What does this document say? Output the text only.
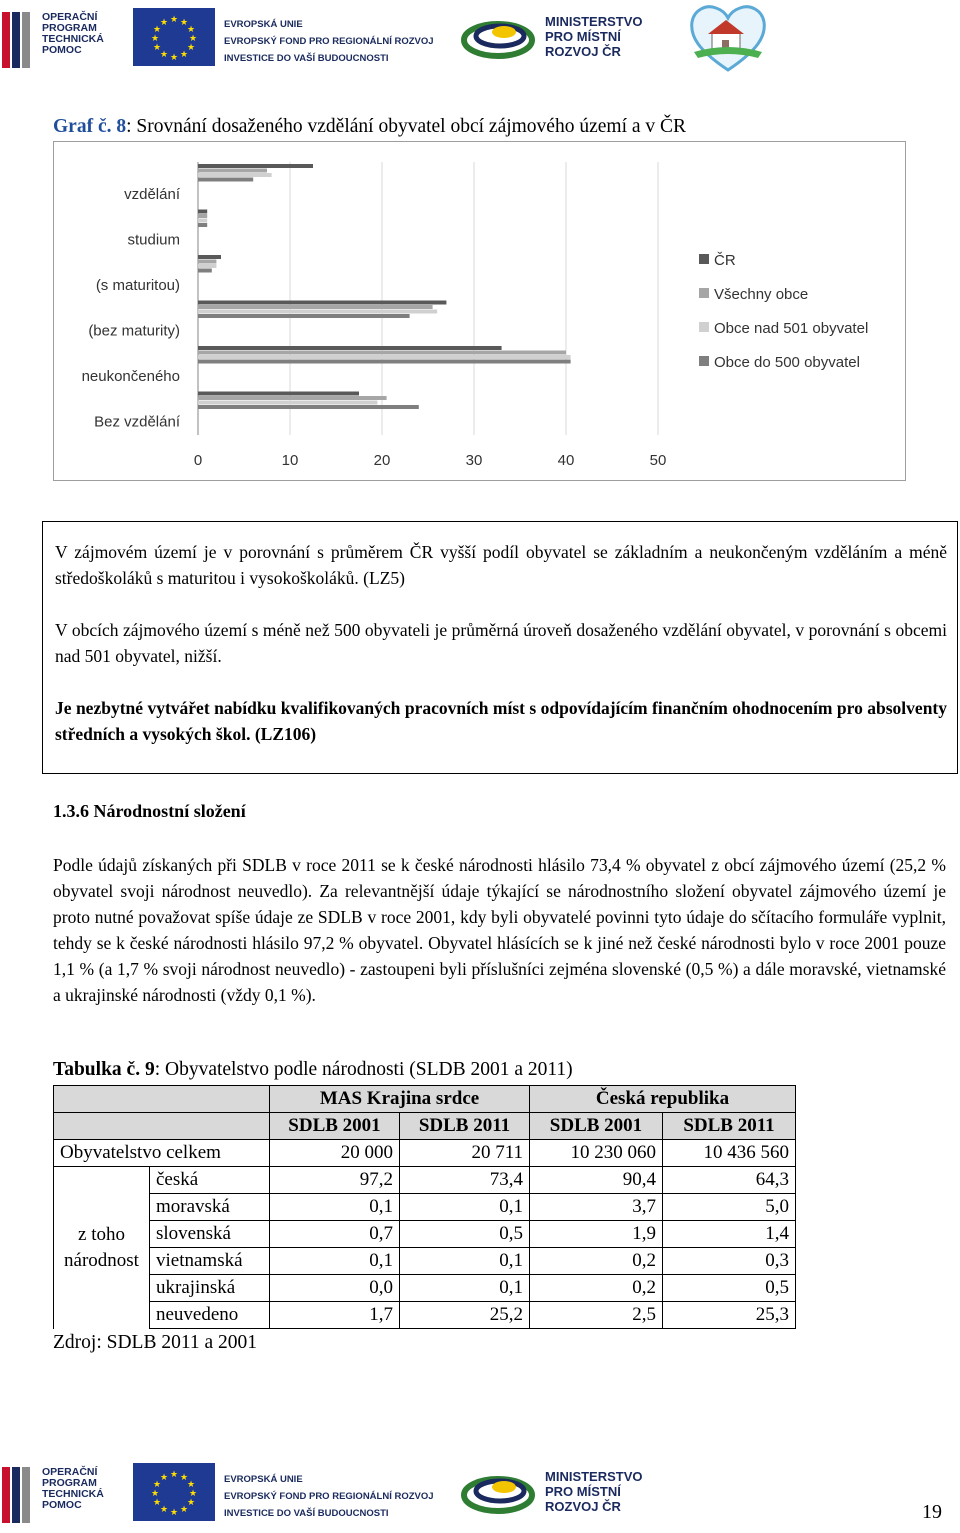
OPERAČNÍ
PROGRAM
TECHNICKÁ
POMOC
★ ★
★
★
★
★
★
★
★
★
★
★	EVROPSKÁ UNIE
EVROPSKÝ FOND PRO REGIONÁLNÍ ROZVOJ
INVESTICE DO VAŠÍ BUDOUCNOSTI
MINISTERSTVO
PRO MÍSTNÍ
ROZVOJ ČR
Graf č. 8: Srovnání dosaženého vzdělání obyvatel obcí zájmového území a v ČR
0	10	20	30	40	50
vzdělání
studium
(s maturitou)
(bez maturity)
neukončeného
Bez vzdělání
ČR
Všechny obce
Obce nad 501 obyvatel
Obce do 500 obyvatel
V zájmovém území je v porovnání s průměrem ČR vyšší podíl obyvatel se základním a neukončeným vzděláním a méně středoškoláků s maturitou i vysokoškoláků. (LZ5)
V obcích zájmového území s méně než 500 obyvateli je průměrná úroveň dosaženého vzdělání obyvatel, v porovnání s obcemi nad 501 obyvatel, nižší.
Je nezbytné vytvářet nabídku kvalifikovaných pracovních míst s odpovídajícím finančním ohodnocením pro absolventy středních a vysokých škol. (LZ106)
1.3.6 Národnostní složení
Podle údajů získaných při SDLB v roce 2011 se k české národnosti hlásilo 73,4 % obyvatel z obcí zájmového území (25,2 % obyvatel svoji národnost neuvedlo). Za relevantnější údaje týkající se národnostního složení obyvatel zájmového území je proto nutné považovat spíše údaje ze SDLB v roce 2001, kdy byli obyvatelé povinni tyto údaje do sčítacího formuláře vyplnit, tehdy se k české národnosti hlásilo 97,2 % obyvatel. Obyvatel hlásících se k jiné než české národnosti bylo v roce 2001 pouze 1,1 % (a 1,7 % svoji národnost neuvedlo) - zastoupeni byli příslušníci zejména slovenské (0,5 %) a dále moravské, vietnamské a ukrajinské národnosti (vždy 0,1 %).
Tabulka č. 9: Obyvatelstvo podle národnosti (SLDB 2001 a 2011)
		MAS Krajina srdce		Česká republika	
		SDLB 2001	SDLB 2011	SDLB 2001	SDLB 2011
Obyvatelstvo celkem		20 000	20 711	10 230 060	10 436 560

z toho
národnost	česká	97,2	73,4	90,4	64,3
	moravská	0,1	0,1	3,7	5,0
	slovenská	0,7	0,5	1,9	1,4
	vietnamská	0,1	0,1	0,2	0,3
	ukrajinská	0,0	0,1	0,2	0,5
	neuvedeno	1,7	25,2	2,5	25,3
Zdroj: SDLB 2011 a 2001
OPERAČNÍ
PROGRAM
TECHNICKÁ
POMOC
★ ★
★
★
★
★
★
★
★
★
★
★	EVROPSKÁ UNIE
EVROPSKÝ FOND PRO REGIONÁLNÍ ROZVOJ
INVESTICE DO VAŠÍ BUDOUCNOSTI
MINISTERSTVO
PRO MÍSTNÍ
ROZVOJ ČR	19
